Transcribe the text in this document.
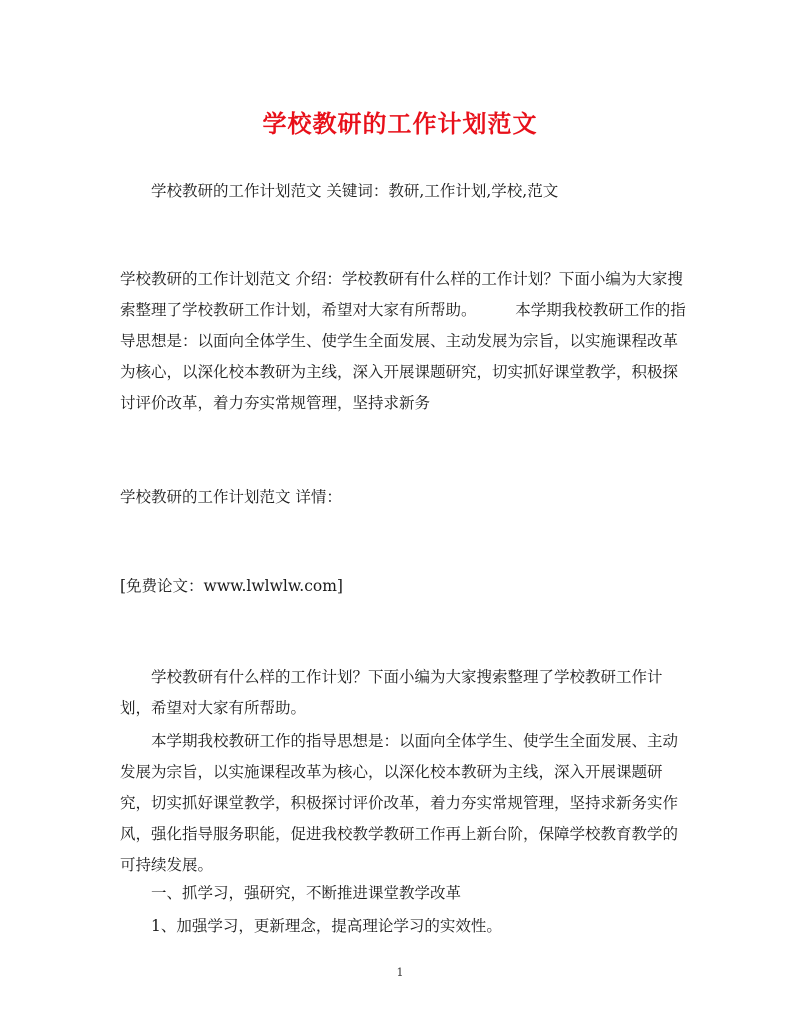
学校教研的工作计划范文

学校教研的工作计划范文 关键词：教研,工作计划,学校,范文

学校教研的工作计划范文 介绍：学校教研有什么样的工作计划？下面小编为大家搜索整理了学校教研工作计划，希望对大家有所帮助。　　　本学期我校教研工作的指导思想是：以面向全体学生、使学生全面发展、主动发展为宗旨，以实施课程改革为核心，以深化校本教研为主线，深入开展课题研究，切实抓好课堂教学，积极探讨评价改革，着力夯实常规管理，坚持求新务

学校教研的工作计划范文 详情：

[免费论文：www.lwlwlw.com]

学校教研有什么样的工作计划？下面小编为大家搜索整理了学校教研工作计划，希望对大家有所帮助。

本学期我校教研工作的指导思想是：以面向全体学生、使学生全面发展、主动发展为宗旨，以实施课程改革为核心，以深化校本教研为主线，深入开展课题研究，切实抓好课堂教学，积极探讨评价改革，着力夯实常规管理，坚持求新务实作风，强化指导服务职能，促进我校教学教研工作再上新台阶，保障学校教育教学的可持续发展。

一、抓学习，强研究，不断推进课堂教学改革

1、加强学习，更新理念，提高理论学习的实效性。

1
